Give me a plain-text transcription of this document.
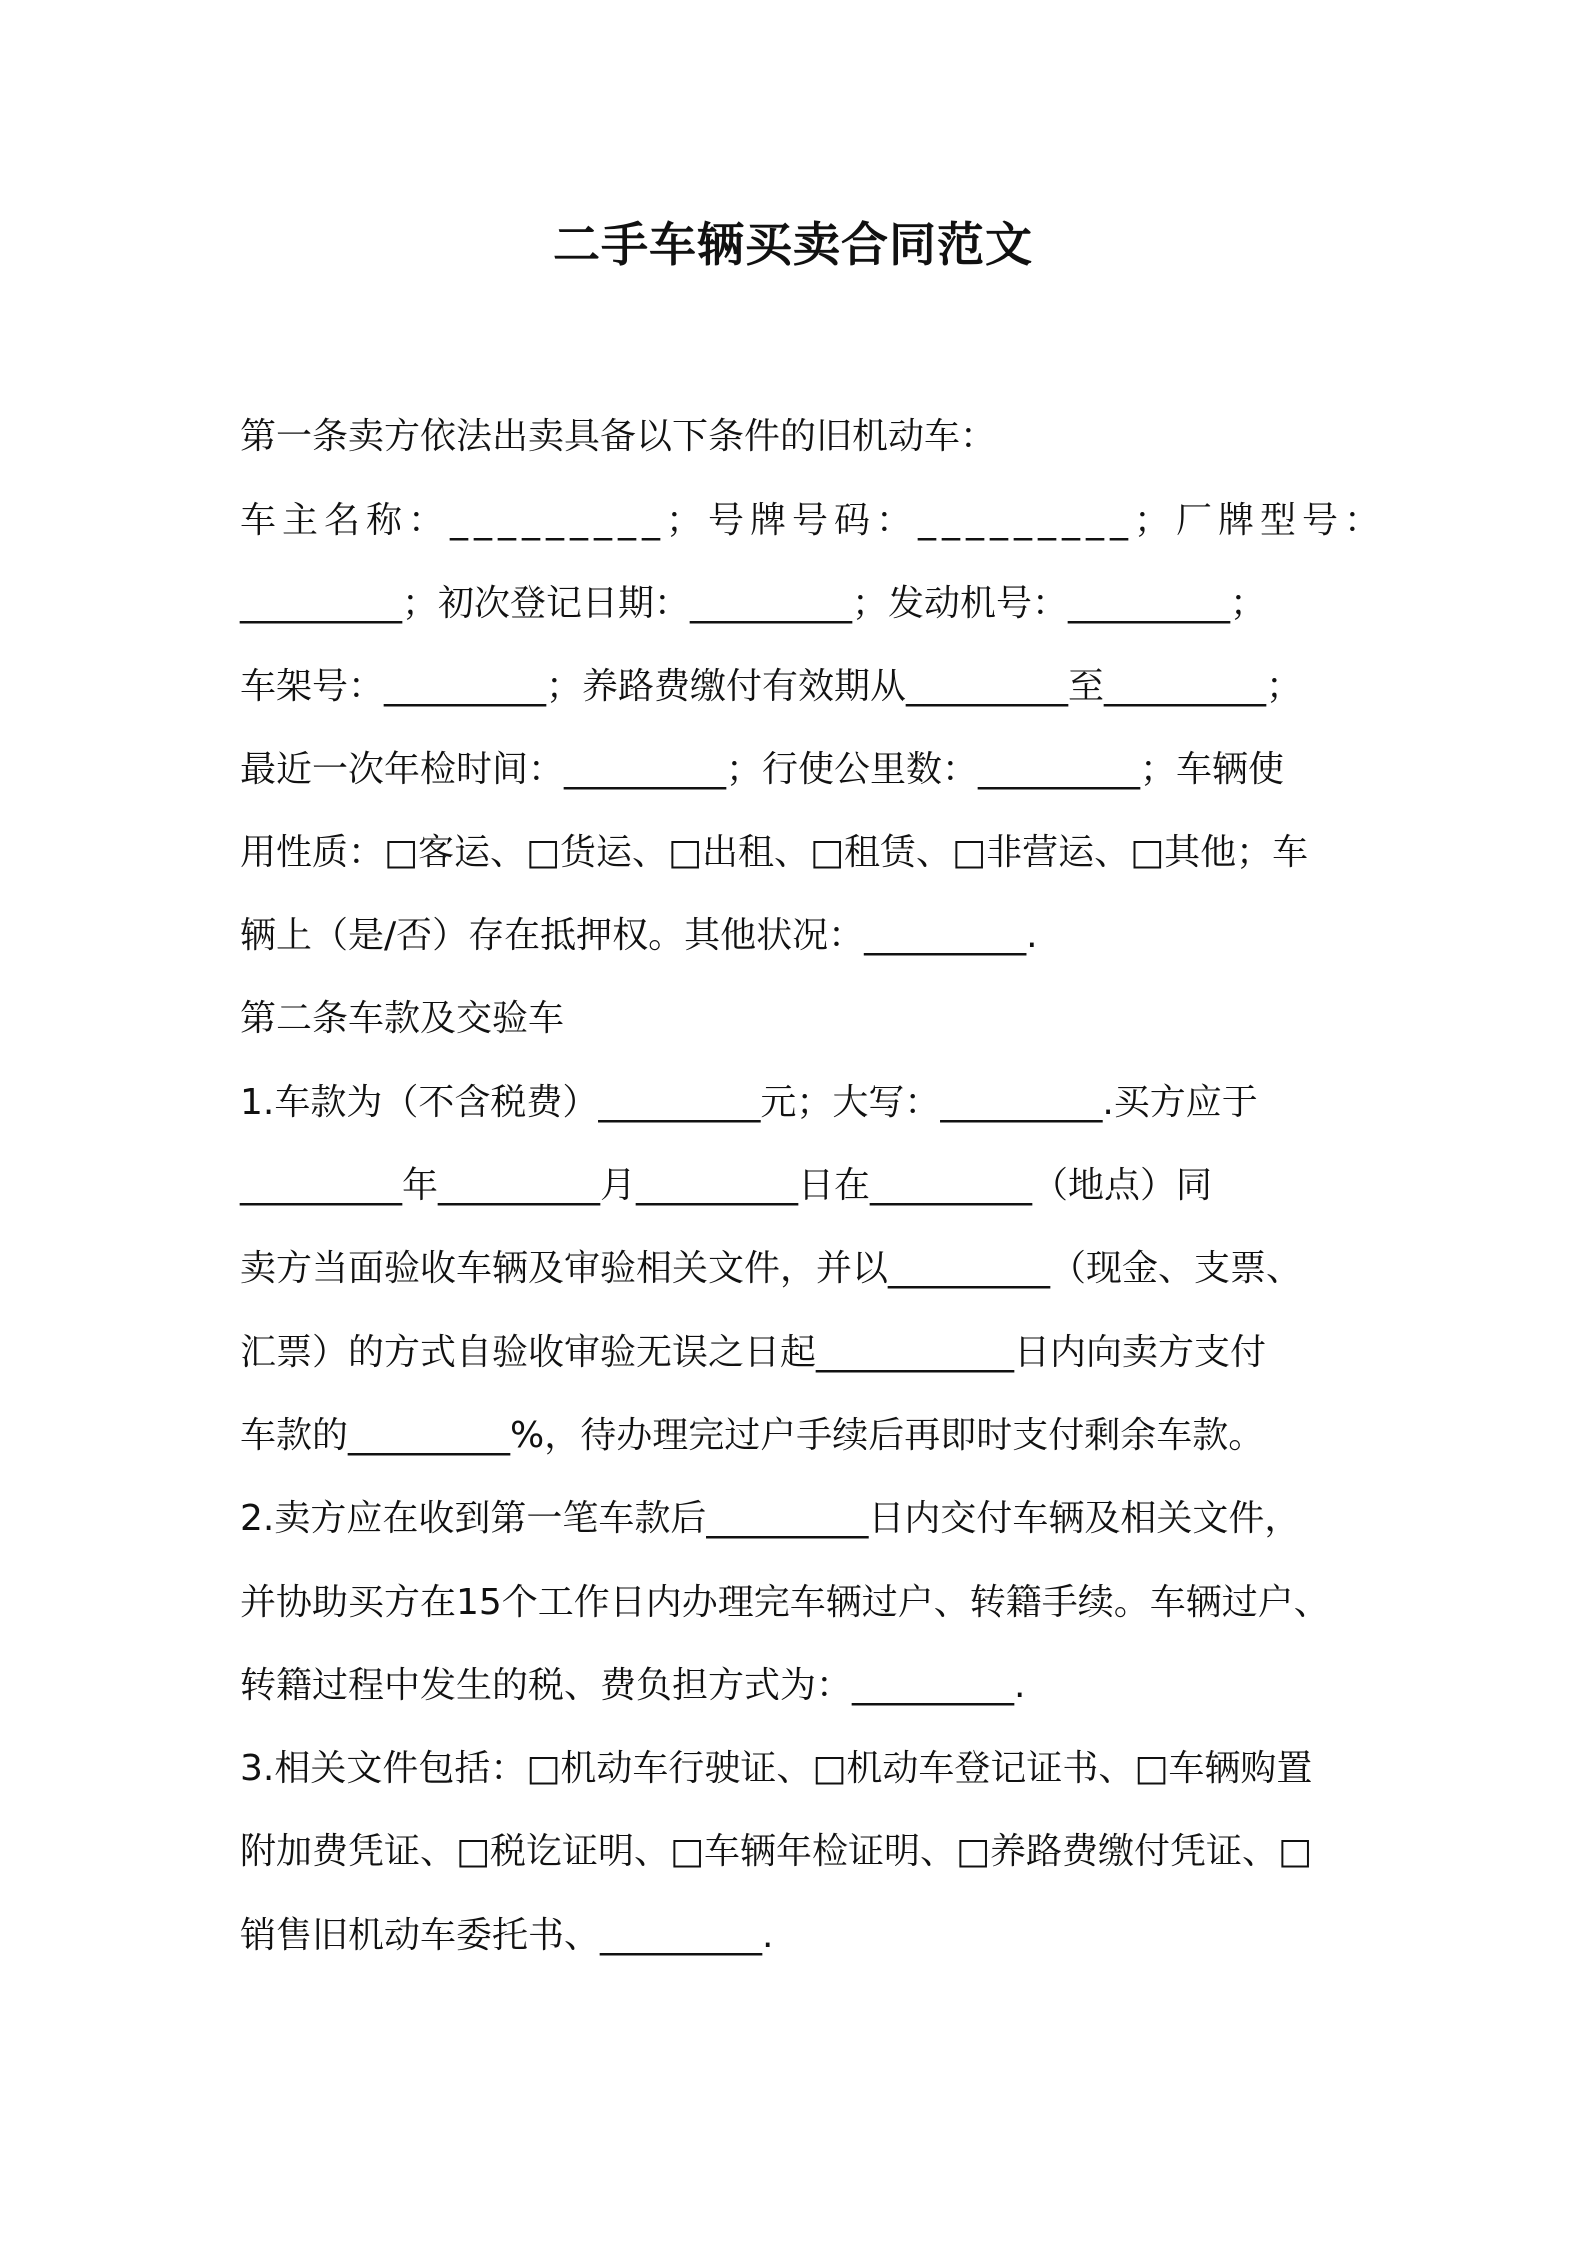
二手车辆买卖合同范文

第一条卖方依法出卖具备以下条件的旧机动车：

车主名称：_________；号牌号码：_________；厂牌型号：

_________；初次登记日期：_________；发动机号：_________；

车架号：_________；养路费缴付有效期从_________至_________；

最近一次年检时间：_________；行使公里数：_________；车辆使

用性质：□客运、□货运、□出租、□租赁、□非营运、□其他；车

辆上（是/否）存在抵押权。其他状况：_________.

第二条车款及交验车

1.车款为（不含税费）_________元；大写：_________.买方应于

_________年_________月_________日在_________（地点）同

卖方当面验收车辆及审验相关文件，并以_________（现金、支票、

汇票）的方式自验收审验无误之日起___________日内向卖方支付

车款的_________%，待办理完过户手续后再即时支付剩余车款。

2.卖方应在收到第一笔车款后_________日内交付车辆及相关文件，

并协助买方在15个工作日内办理完车辆过户、转籍手续。车辆过户、

转籍过程中发生的税、费负担方式为：_________.

3.相关文件包括：□机动车行驶证、□机动车登记证书、□车辆购置

附加费凭证、□税讫证明、□车辆年检证明、□养路费缴付凭证、□

销售旧机动车委托书、_________.
